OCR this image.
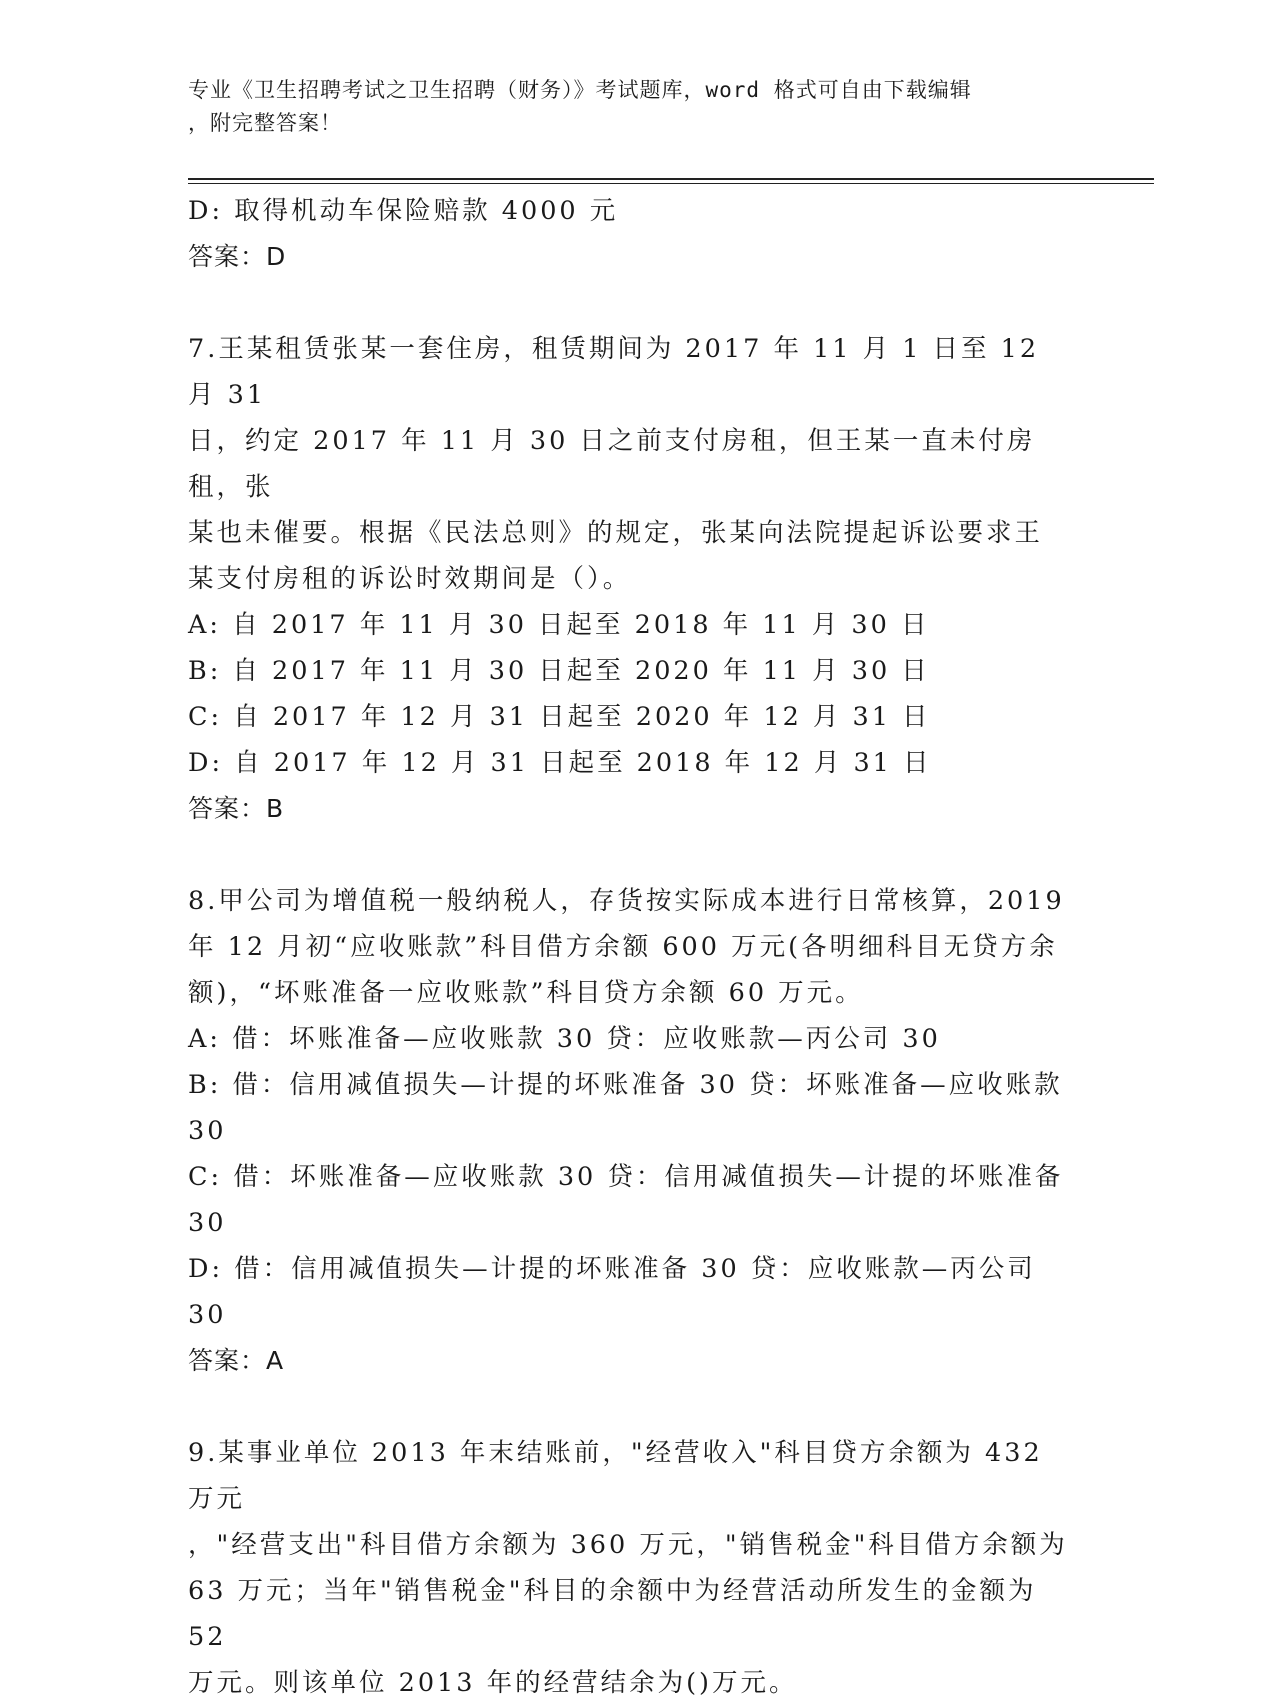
专业《卫生招聘考试之卫生招聘（财务）》考试题库，word 格式可自由下载编辑
，附完整答案！
D: 取得机动车保险赔款 4000 元
答案：D
7.王某租赁张某一套住房，租赁期间为 2017 年 11 月 1 日至 12 月 31
日，约定 2017 年 11 月 30 日之前支付房租，但王某一直未付房租，张
某也未催要。根据《民法总则》的规定，张某向法院提起诉讼要求王
某支付房租的诉讼时效期间是（）。
A: 自 2017 年 11 月 30 日起至 2018 年 11 月 30 日
B: 自 2017 年 11 月 30 日起至 2020 年 11 月 30 日
C: 自 2017 年 12 月 31 日起至 2020 年 12 月 31 日
D: 自 2017 年 12 月 31 日起至 2018 年 12 月 31 日
答案：B
8.甲公司为增值税一般纳税人，存货按实际成本进行日常核算，2019
年 12 月初“应收账款”科目借方余额 600 万元(各明细科目无贷方余
额)，“坏账准备一应收账款”科目贷方余额 60 万元。
A: 借：坏账准备—应收账款 30 贷：应收账款—丙公司 30
B: 借：信用减值损失—计提的坏账准备 30 贷：坏账准备—应收账款
30
C: 借：坏账准备—应收账款 30 贷：信用减值损失—计提的坏账准备
30
D: 借：信用减值损失—计提的坏账准备 30 贷：应收账款—丙公司 30
答案：A
9.某事业单位 2013 年末结账前，"经营收入"科目贷方余额为 432 万元
，"经营支出"科目借方余额为 360 万元，"销售税金"科目借方余额为
63 万元；当年"销售税金"科目的余额中为经营活动所发生的金额为 52
万元。则该单位 2013 年的经营结余为()万元。
